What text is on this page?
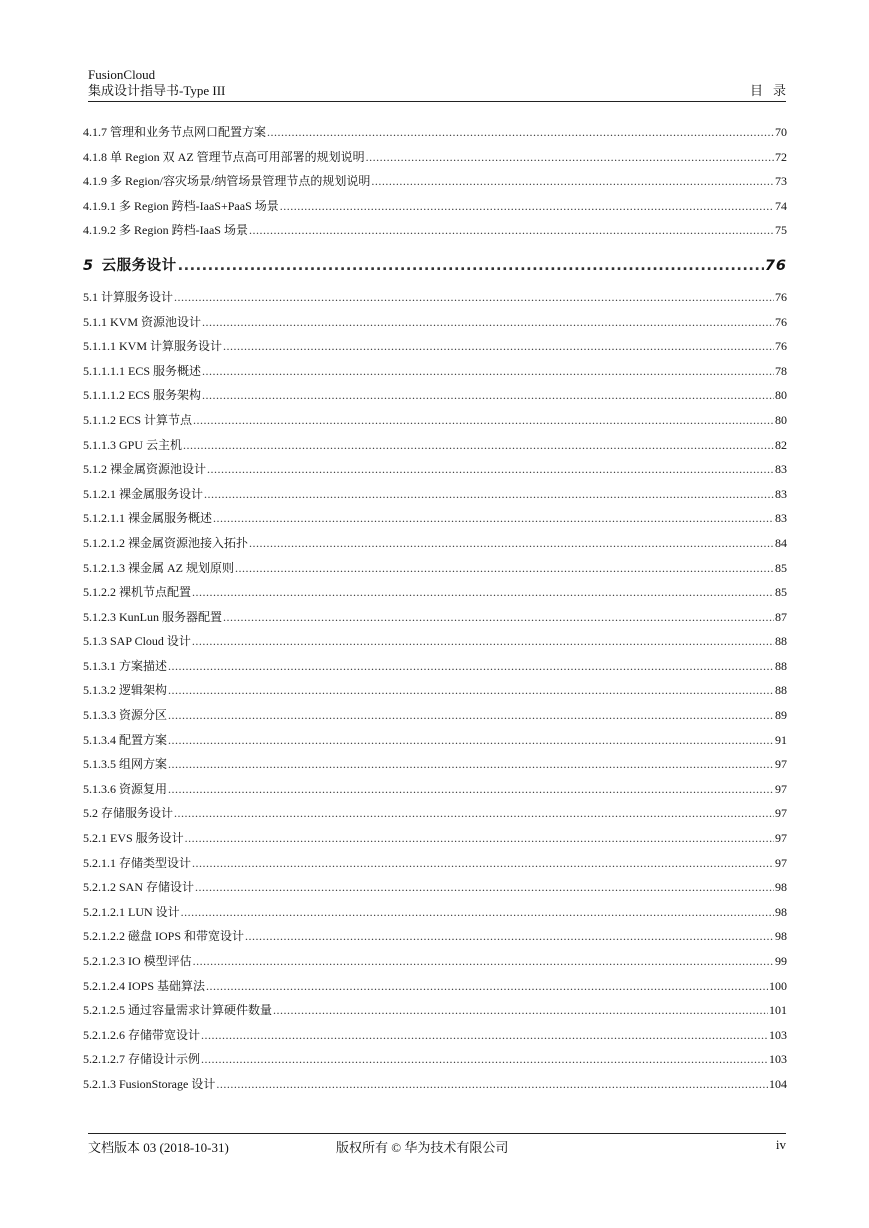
FusionCloud
集成设计指导书-Type III	目录
4.1.7 管理和业务节点网口配置方案 .....	70
4.1.8 单 Region 双 AZ 管理节点高可用部署的规划说明 .....	72
4.1.9 多 Region/容灾场景/纳管场景管理节点的规划说明 .....	73
4.1.9.1 多 Region 跨档-IaaS+PaaS 场景 .....	74
4.1.9.2 多 Region 跨档-IaaS 场景 .....	75
5 云服务设计 .....	76
5.1 计算服务设计 .....	76
5.1.1 KVM 资源池设计 .....	76
5.1.1.1 KVM 计算服务设计 .....	76
5.1.1.1.1 ECS 服务概述 .....	78
5.1.1.1.2 ECS 服务架构 .....	80
5.1.1.2 ECS 计算节点 .....	80
5.1.1.3 GPU 云主机 .....	82
5.1.2 裸金属资源池设计 .....	83
5.1.2.1 裸金属服务设计 .....	83
5.1.2.1.1 裸金属服务概述 .....	83
5.1.2.1.2 裸金属资源池接入拓扑 .....	84
5.1.2.1.3 裸金属 AZ 规划原则 .....	85
5.1.2.2 裸机节点配置 .....	85
5.1.2.3 KunLun 服务器配置 .....	87
5.1.3 SAP Cloud 设计 .....	88
5.1.3.1 方案描述 .....	88
5.1.3.2 逻辑架构 .....	88
5.1.3.3 资源分区 .....	89
5.1.3.4 配置方案 .....	91
5.1.3.5 组网方案 .....	97
5.1.3.6 资源复用 .....	97
5.2 存储服务设计 .....	97
5.2.1 EVS 服务设计 .....	97
5.2.1.1 存储类型设计 .....	97
5.2.1.2 SAN 存储设计 .....	98
5.2.1.2.1 LUN 设计 .....	98
5.2.1.2.2 磁盘 IOPS 和带宽设计 .....	98
5.2.1.2.3 IO 模型评估 .....	99
5.2.1.2.4 IOPS 基础算法 .....	100
5.2.1.2.5 通过容量需求计算硬件数量 .....	101
5.2.1.2.6 存储带宽设计 .....	103
5.2.1.2.7 存储设计示例 .....	103
5.2.1.3 FusionStorage 设计 .....	104
文档版本 03 (2018-10-31)	版权所有 © 华为技术有限公司	iv
